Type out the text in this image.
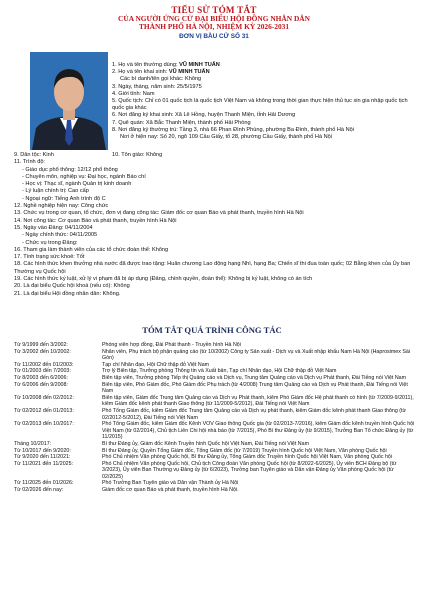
TIỂU SỬ TÓM TẮT
CỦA NGƯỜI ỨNG CỬ ĐẠI BIỂU HỘI ĐỒNG NHÂN DÂN
THÀNH PHỐ HÀ NỘI, NHIỆM KỲ 2026-2031
ĐƠN VỊ BẦU CỬ SỐ 31
1. Họ và tên thường dùng: VŨ MINH TUẤN
2. Họ và tên khai sinh: VŨ MINH TUẤN
Các bí danh/tên gọi khác: Không
3. Ngày, tháng, năm sinh: 25/5/1975
4. Giới tính: Nam
5. Quốc tịch: Chỉ có 01 quốc tịch là quốc tịch Việt Nam và không trong thời gian thực hiện thủ tục xin gia nhập quốc tịch quốc gia khác
6. Nơi đăng ký khai sinh: Xã Lê Hồng, huyện Thanh Miện, tỉnh Hải Dương
7. Quê quán: Xã Bắc Thanh Miện, thành phố Hải Phòng
8. Nơi đăng ký thường trú: Tầng 3, nhà 66 Phan Đình Phùng, phường Ba Đình, thành phố Hà Nội
Nơi ở hiện nay: Số 20, ngõ 109 Cầu Giấy, tổ 28, phường Cầu Giấy, thành phố Hà Nội
9. Dân tộc: Kinh	10. Tôn giáo: Không
11. Trình độ:
- Giáo dục phổ thông: 12/12 phổ thông
- Chuyên môn, nghiệp vụ: Đại học, ngành Báo chí
- Học vị: Thạc sĩ, ngành Quản trị kinh doanh
- Lý luận chính trị: Cao cấp
- Ngoại ngữ: Tiếng Anh trình độ C
12. Nghề nghiệp hiện nay: Công chức
13. Chức vụ trong cơ quan, tổ chức, đơn vị đang công tác: Giám đốc cơ quan Báo và phát thanh, truyền hình Hà Nội
14. Nơi công tác: Cơ quan Báo và phát thanh, truyền hình Hà Nội
15. Ngày vào Đảng: 04/11/2004
- Ngày chính thức: 04/11/2005
- Chức vụ trong Đảng:
16. Tham gia làm thành viên của các tổ chức đoàn thể: Không
17. Tình trạng sức khoẻ: Tốt
18. Các hình thức khen thưởng nhà nước đã được trao tặng: Huân chương Lao động hạng Nhì, hạng Ba; Chiến sĩ thi đua toàn quốc; 02 Bằng khen của Ủy ban Thường vụ Quốc hội
19. Các hình thức kỷ luật, xử lý vi phạm đã bị áp dụng (Đảng, chính quyền, đoàn thể): Không bị kỷ luật, không có án tích
20. Là đại biểu Quốc hội khoá (nếu có): Không
21. Là đại biểu Hội đồng nhân dân: Không.
TÓM TẮT QUÁ TRÌNH CÔNG TÁC
Từ 9/1999 đến 3/2002:	Phóng viên hợp đồng, Đài Phát thanh - Truyền hình Hà Nội
Từ 3/2002 đến 10/2002:	Nhân viên, Phụ trách bộ phận quảng cáo (từ 10/2002) Công ty Sản xuất - Dịch vụ và Xuất nhập khẩu Nam Hà Nội (Haprosimex Sài Gòn)
Từ 11/2002 đến 01/2003:	Tạp chí Nhân đạo, Hội Chữ thập đỏ Việt Nam
Từ 01/2003 đến 7/2003:	Trợ lý Biên tập, Trưởng phòng Thông tin và Xuất bản, Tạp chí Nhân đạo, Hội Chữ thập đỏ Việt Nam
Từ 8/2003 đến 6/2006:	Biên tập viên, Trưởng phòng Tiếp thị Quảng cáo và Dịch vụ, Trung tâm Quảng cáo và Dịch vụ Phát thanh, Đài Tiếng nói Việt Nam
Từ 6/2006 đến 9/2008:	Biên tập viên, Phó Giám đốc, Phó Giám đốc Phụ trách (từ 4/2008) Trung tâm Quảng cáo và Dịch vụ Phát thanh, Đài Tiếng nói Việt Nam
Từ 10/2008 đến 02/2012:	Biên tập viên, Giám đốc Trung tâm Quảng cáo và Dịch vụ Phát thanh, kiêm Phó Giám đốc Hệ phát thanh có hình (từ 7/2009-9/2011), kiêm Giám đốc kênh phát thanh Giao thông (từ 11/2009-5/2012), Đài Tiếng nói Việt Nam
Từ 02/2012 đến 01/2013:	Phó Tổng Giám đốc, kiêm Giám đốc Trung tâm Quảng cáo và Dịch vụ phát thanh, kiêm Giám đốc kênh phát thanh Giao thông (từ 02/2012-5/2012), Đài Tiếng nói Việt Nam
Từ 02/2013 đến 10/2017:	Phó Tổng Giám đốc, kiêm Giám đốc Kênh VOV Giao thông Quốc gia (từ 02/2013-7/2016), kiêm Giám đốc kênh truyền hình Quốc hội Việt Nam (từ 02/2014), Chủ tịch Liên Chi hội nhà báo (từ 7/2015), Phó Bí thư Đảng ủy (từ 9/2015), Trưởng Ban Tổ chức Đảng ủy (từ 11/2015)
Tháng 10/2017:	Bí thư Đảng ủy, Giám đốc Kênh Truyền hình Quốc hội Việt Nam, Đài Tiếng nói Việt Nam
Từ 10/2017 đến 9/2020:	Bí thư Đảng ủy, Quyền Tổng Giám đốc, Tổng Giám đốc (từ 7/2019) Truyền hình Quốc hội Việt Nam, Văn phòng Quốc hội
Từ 9/2020 đến 11/2021:	Phó Chủ nhiệm Văn phòng Quốc hội, Bí thư Đảng ủy, Tổng Giám đốc Truyền hình Quốc hội Việt Nam, Văn phòng Quốc hội
Từ 11/2021 đến 11/2025:	Phó Chủ nhiệm Văn phòng Quốc hội, Chủ tịch Công đoàn Văn phòng Quốc hội (từ 8/2022-6/2025), Ủy viên BCH Đảng bộ (từ 3/2023), Ủy viên Ban Thường vụ Đảng ủy (từ 6/2023), Trưởng ban Tuyên giáo và Dân vận Đảng ủy Văn phòng Quốc hội (từ 02/2025)
Từ 11/2025 đến 01/2026:	Phó Trưởng Ban Tuyên giáo và Dân vận Thành ủy Hà Nội
Từ 02/2026 đến nay:	Giám đốc cơ quan Báo và phát thanh, truyền hình Hà Nội.
